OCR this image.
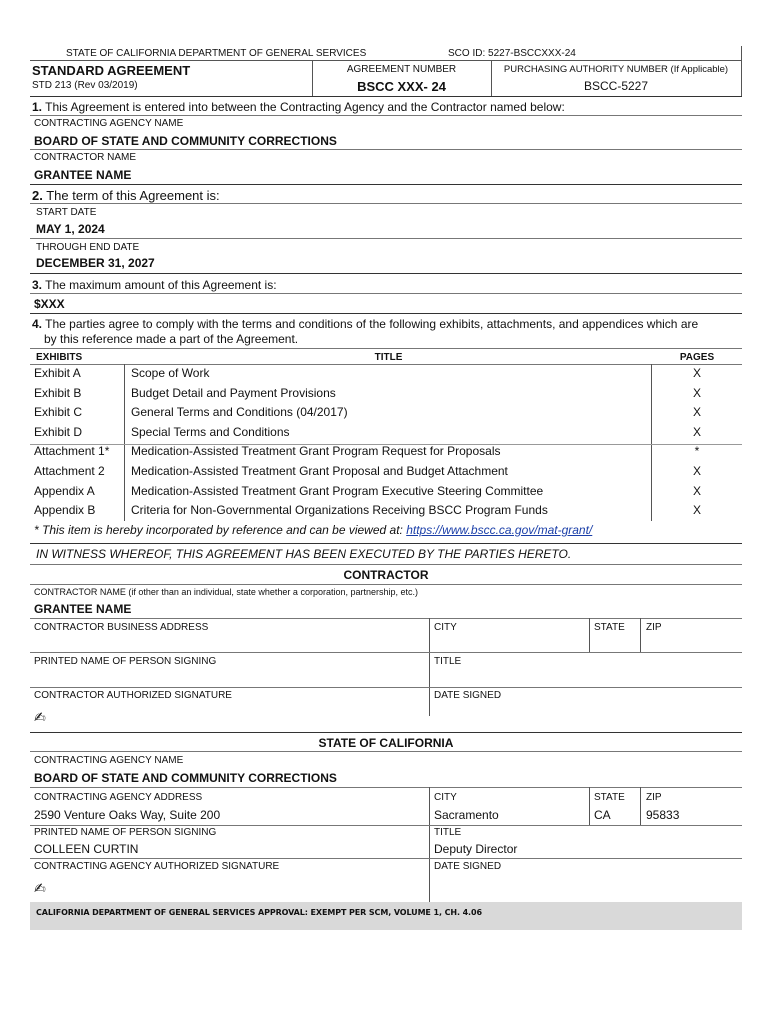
STATE OF CALIFORNIA DEPARTMENT OF GENERAL SERVICES	SCO ID: 5227-BSCCXXX-24
STANDARD AGREEMENT
STD 213 (Rev 03/2019)
AGREEMENT NUMBER
BSCC XXX- 24
PURCHASING AUTHORITY NUMBER (If Applicable)
BSCC-5227
1. This Agreement is entered into between the Contracting Agency and the Contractor named below:
CONTRACTING AGENCY NAME
BOARD OF STATE AND COMMUNITY CORRECTIONS
CONTRACTOR NAME
GRANTEE NAME
2. The term of this Agreement is:
START DATE
MAY 1, 2024
THROUGH END DATE
DECEMBER 31, 2027
3. The maximum amount of this Agreement is:
$XXX
4. The parties agree to comply with the terms and conditions of the following exhibits, attachments, and appendices which are
by this reference made a part of the Agreement.
EXHIBITS	TITLE	PAGES
Exhibit A	Scope of Work	X
Exhibit B	Budget Detail and Payment Provisions	X
Exhibit C	General Terms and Conditions (04/2017)	X
Exhibit D	Special Terms and Conditions	X
Attachment 1* Medication-Assisted Treatment Grant Program Request for Proposals	*
Attachment 2 Medication-Assisted Treatment Grant Proposal and Budget Attachment	X
Appendix A	Medication-Assisted Treatment Grant Program Executive Steering Committee	X
Appendix B	Criteria for Non-Governmental Organizations Receiving BSCC Program Funds	X
* This item is hereby incorporated by reference and can be viewed at: https://www.bscc.ca.gov/mat-grant/
IN WITNESS WHEREOF, THIS AGREEMENT HAS BEEN EXECUTED BY THE PARTIES HERETO.
CONTRACTOR
CONTRACTOR NAME (if other than an individual, state whether a corporation, partnership, etc.)
GRANTEE NAME
CONTRACTOR BUSINESS ADDRESS	CITY	STATE ZIP
PRINTED NAME OF PERSON SIGNING	TITLE
CONTRACTOR AUTHORIZED SIGNATURE	DATE SIGNED
✍
STATE OF CALIFORNIA
CONTRACTING AGENCY NAME
BOARD OF STATE AND COMMUNITY CORRECTIONS
CONTRACTING AGENCY ADDRESS
2590 Venture Oaks Way, Suite 200
CITY
Sacramento
STATE
CA
ZIP
95833
PRINTED NAME OF PERSON SIGNING
COLLEEN CURTIN
TITLE
Deputy Director
CONTRACTING AGENCY AUTHORIZED SIGNATURE	DATE SIGNED
✍
CALIFORNIA DEPARTMENT OF GENERAL SERVICES APPROVAL: EXEMPT PER SCM, VOLUME 1, CH. 4.06
